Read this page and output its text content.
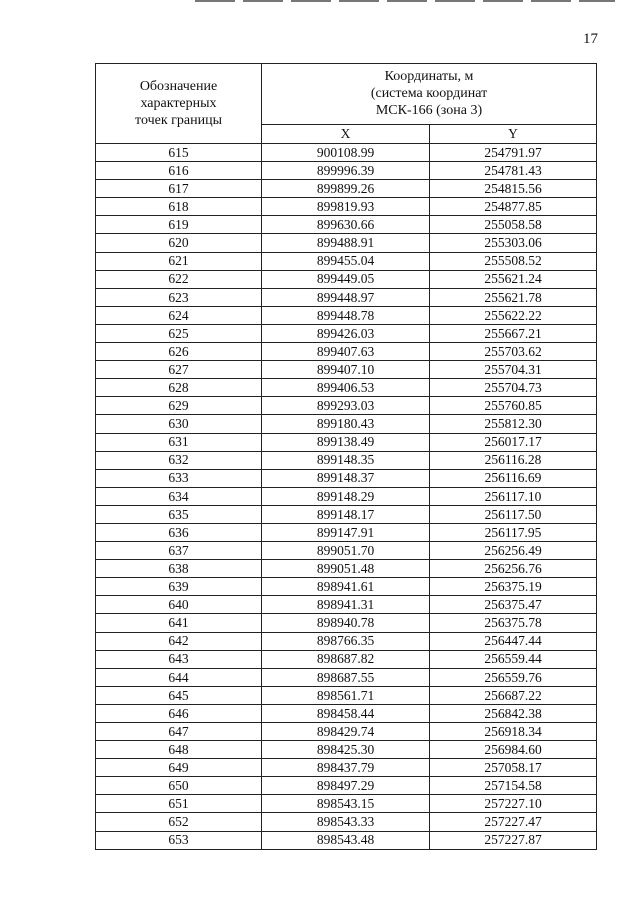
17
Обозначение
характерных
точек границы	Координаты, м
(система координат
МСК-166 (зона 3)	

	X	Y
615	900108.99	254791.97
616	899996.39	254781.43
617	899899.26	254815.56
618	899819.93	254877.85
619	899630.66	255058.58
620	899488.91	255303.06
621	899455.04	255508.52
622	899449.05	255621.24
623	899448.97	255621.78
624	899448.78	255622.22
625	899426.03	255667.21
626	899407.63	255703.62
627	899407.10	255704.31
628	899406.53	255704.73
629	899293.03	255760.85
630	899180.43	255812.30
631	899138.49	256017.17
632	899148.35	256116.28
633	899148.37	256116.69
634	899148.29	256117.10
635	899148.17	256117.50
636	899147.91	256117.95
637	899051.70	256256.49
638	899051.48	256256.76
639	898941.61	256375.19
640	898941.31	256375.47
641	898940.78	256375.78
642	898766.35	256447.44
643	898687.82	256559.44
644	898687.55	256559.76
645	898561.71	256687.22
646	898458.44	256842.38
647	898429.74	256918.34
648	898425.30	256984.60
649	898437.79	257058.17
650	898497.29	257154.58
651	898543.15	257227.10
652	898543.33	257227.47
653	898543.48	257227.87
